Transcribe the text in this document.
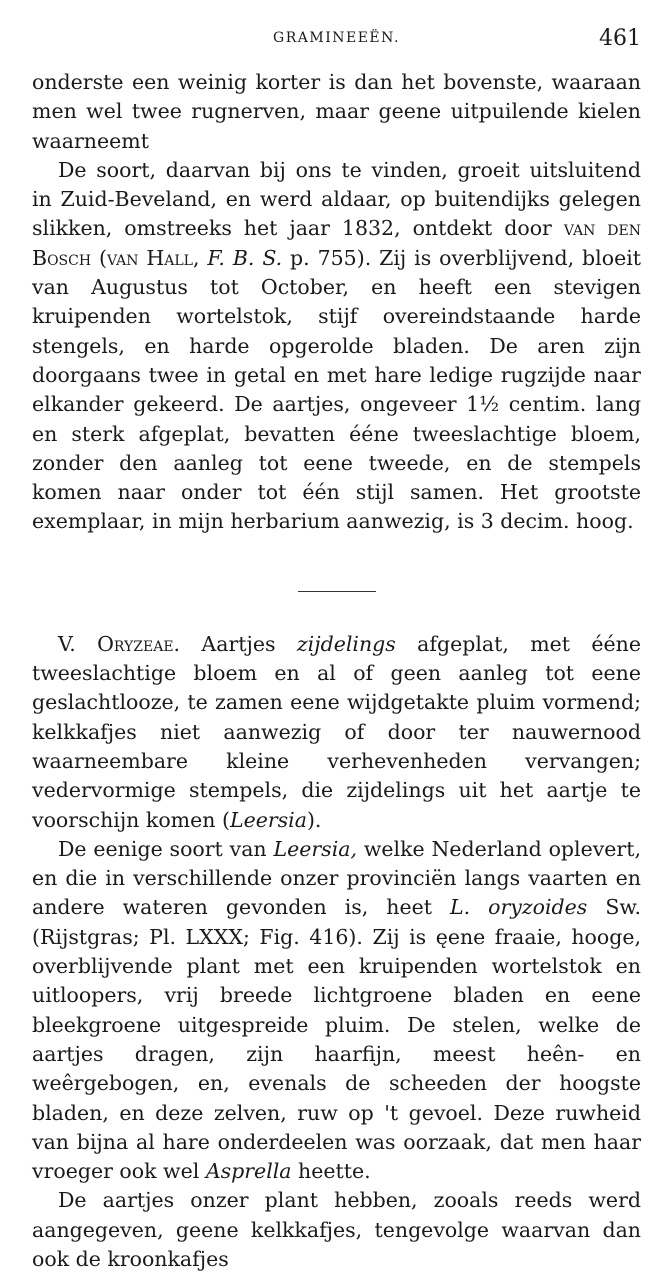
GRAMINEEËN.	461

onderste een weinig korter is dan het bovenste, waaraan men wel twee rugnerven, maar geene uitpuilende kielen waarneemt

De soort, daarvan bij ons te vinden, groeit uitsluitend in Zuid-Beveland, en werd aldaar, op buitendijks gelegen slikken, omstreeks het jaar 1832, ontdekt door van den Bosch (van Hall, F. B. S. p. 755). Zij is overblijvend, bloeit van Augustus tot October, en heeft een stevigen kruipenden wortelstok, stijf overeindstaande harde stengels, en harde opgerolde bladen. De aren zijn doorgaans twee in getal en met hare ledige rugzijde naar elkander gekeerd. De aartjes, ongeveer 1½ centim. lang en sterk afgeplat, bevatten ééne tweeslachtige bloem, zonder den aanleg tot eene tweede, en de stempels komen naar onder tot één stijl samen. Het grootste exemplaar, in mijn herbarium aanwezig, is 3 decim. hoog.

V. Oryzeae. Aartjes zijdelings afgeplat, met ééne tweeslachtige bloem en al of geen aanleg tot eene geslachtlooze, te zamen eene wijdgetakte pluim vormend; kelkkafjes niet aanwezig of door ter nauwernood waarneembare kleine verhevenheden vervangen; vedervormige stempels, die zijdelings uit het aartje te voorschijn komen (Leersia).

De eenige soort van Leersia, welke Nederland oplevert, en die in verschillende onzer provinciën langs vaarten en andere wateren gevonden is, heet L. oryzoides Sw. (Rijstgras; Pl. LXXX; Fig. 416). Zij is ęene fraaie, hooge, overblijvende plant met een kruipenden wortelstok en uitloopers, vrij breede lichtgroene bladen en eene bleekgroene uitgespreide pluim. De stelen, welke de aartjes dragen, zijn haarfijn, meest heên- en weêrgebogen, en, evenals de scheeden der hoogste bladen, en deze zelven, ruw op 't gevoel. Deze ruwheid van bijna al hare onderdeelen was oorzaak, dat men haar vroeger ook wel Asprella heette.

De aartjes onzer plant hebben, zooals reeds werd aangegeven, geene kelkkafjes, tengevolge waarvan dan ook de kroonkafjes
